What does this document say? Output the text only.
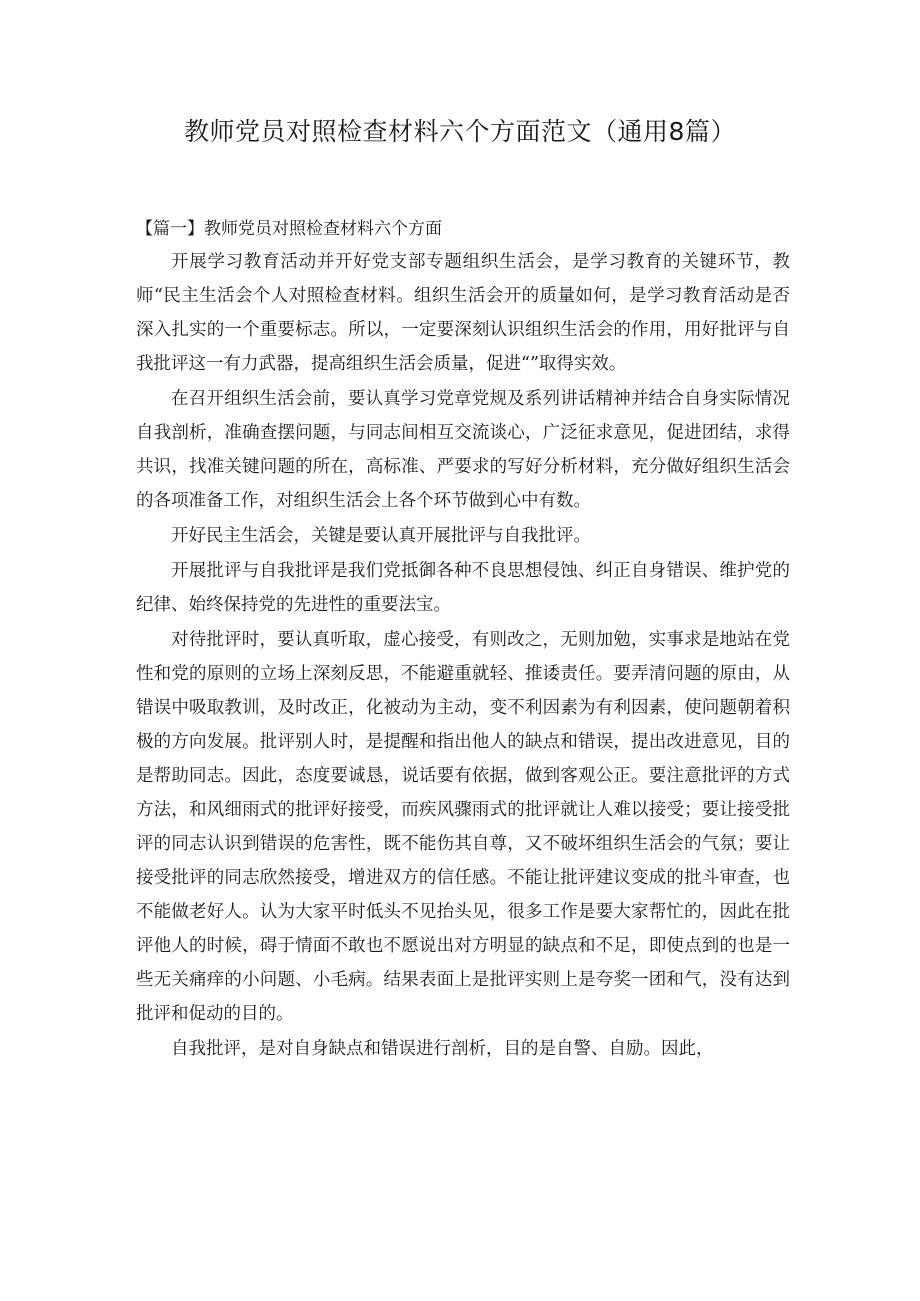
教师党员对照检查材料六个方面范文（通用8篇）
【篇一】教师党员对照检查材料六个方面

开展学习教育活动并开好党支部专题组织生活会，是学习教育的关键环节，教师“民主生活会个人对照检查材料。组织生活会开的质量如何，是学习教育活动是否深入扎实的一个重要标志。所以，一定要深刻认识组织生活会的作用，用好批评与自我批评这一有力武器，提高组织生活会质量，促进“”取得实效。

在召开组织生活会前，要认真学习党章党规及系列讲话精神并结合自身实际情况自我剖析，准确查摆问题，与同志间相互交流谈心，广泛征求意见，促进团结，求得共识，找准关键问题的所在，高标准、严要求的写好分析材料，充分做好组织生活会的各项准备工作，对组织生活会上各个环节做到心中有数。

开好民主生活会，关键是要认真开展批评与自我批评。

开展批评与自我批评是我们党抵御各种不良思想侵蚀、纠正自身错误、维护党的纪律、始终保持党的先进性的重要法宝。

对待批评时，要认真听取，虚心接受，有则改之，无则加勉，实事求是地站在党性和党的原则的立场上深刻反思，不能避重就轻、推诿责任。要弄清问题的原由，从错误中吸取教训，及时改正，化被动为主动，变不利因素为有利因素，使问题朝着积极的方向发展。批评别人时，是提醒和指出他人的缺点和错误，提出改进意见，目的是帮助同志。因此，态度要诚恳，说话要有依据，做到客观公正。要注意批评的方式方法，和风细雨式的批评好接受，而疾风骤雨式的批评就让人难以接受；要让接受批评的同志认识到错误的危害性，既不能伤其自尊，又不破坏组织生活会的气氛；要让接受批评的同志欣然接受，增进双方的信任感。不能让批评建议变成的批斗审查，也不能做老好人。认为大家平时低头不见抬头见，很多工作是要大家帮忙的，因此在批评他人的时候，碍于情面不敢也不愿说出对方明显的缺点和不足，即使点到的也是一些无关痛痒的小问题、小毛病。结果表面上是批评实则上是夸奖一团和气，没有达到批评和促动的目的。

自我批评，是对自身缺点和错误进行剖析，目的是自警、自励。因此，
